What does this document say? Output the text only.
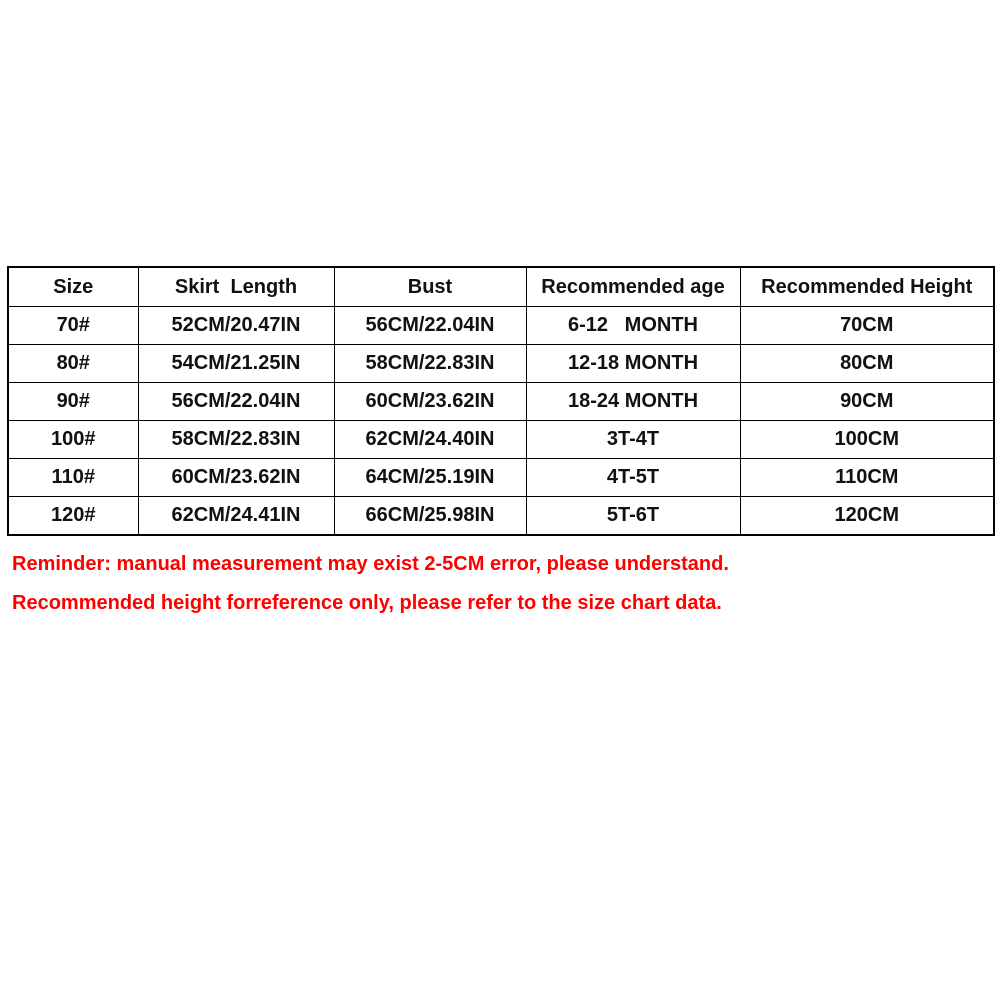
Size	Skirt  Length	Bust	Recommended age	Recommended Height
70#	52CM/20.47IN	56CM/22.04IN	6-12   MONTH	70CM
80#	54CM/21.25IN	58CM/22.83IN	12-18 MONTH	80CM
90#	56CM/22.04IN	60CM/23.62IN	18-24 MONTH	90CM
100#	58CM/22.83IN	62CM/24.40IN	3T-4T	100CM
110#	60CM/23.62IN	64CM/25.19IN	4T-5T	110CM
120#	62CM/24.41IN	66CM/25.98IN	5T-6T	120CM
Reminder: manual measurement may exist 2-5CM error, please understand.
Recommended height forreference only, please refer to the size chart data.
